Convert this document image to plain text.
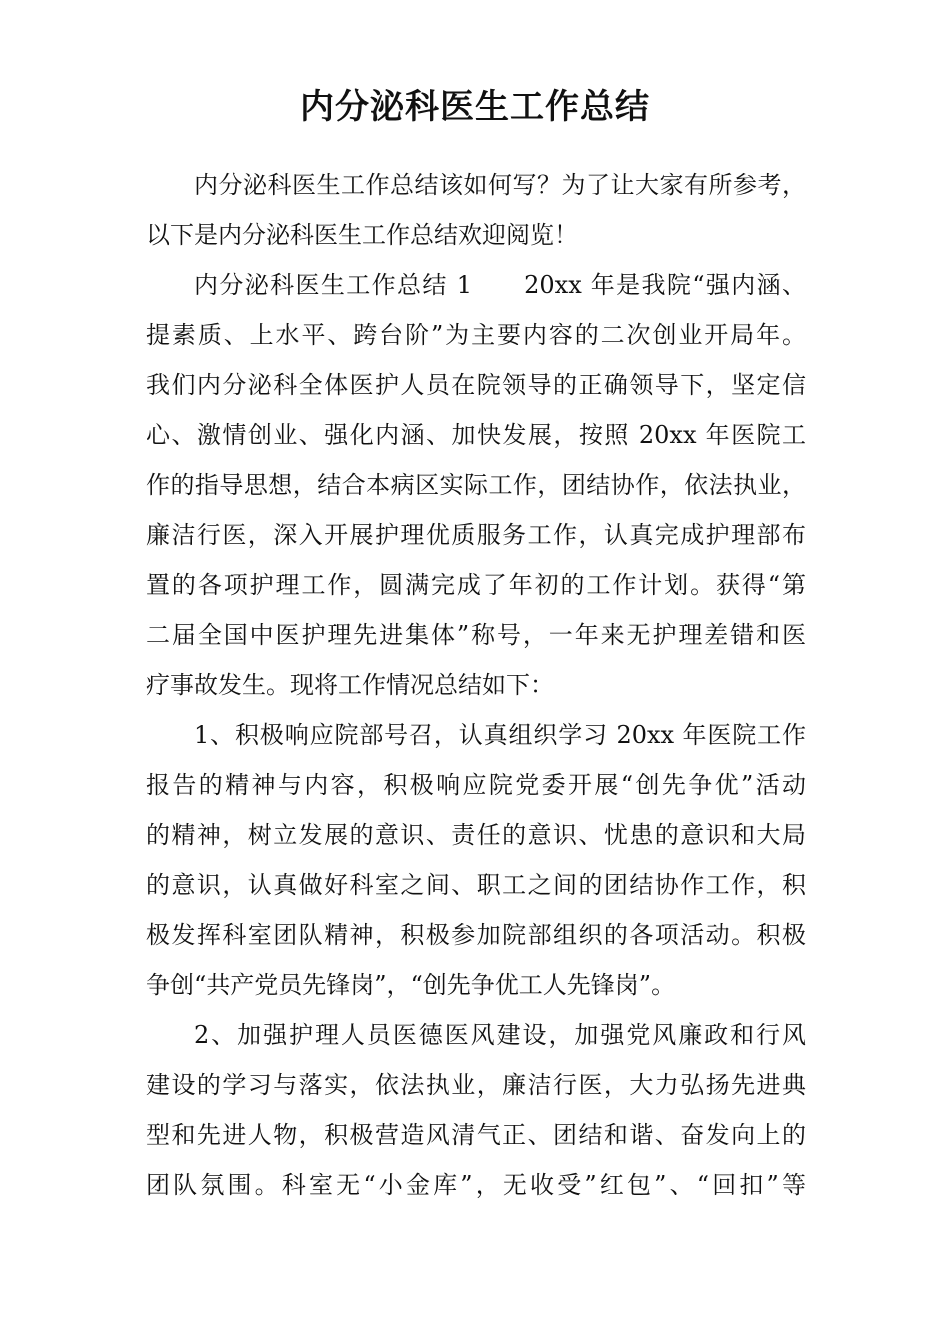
内分泌科医生工作总结
内分泌科医生工作总结该如何写？为了让大家有所参考，
以下是内分泌科医生工作总结欢迎阅览！
内分泌科医生工作总结 1　　20xx 年是我院“强内涵、
提素质、上水平、跨台阶”为主要内容的二次创业开局年。
我们内分泌科全体医护人员在院领导的正确领导下，坚定信
心、激情创业、强化内涵、加快发展，按照 20xx 年医院工
作的指导思想，结合本病区实际工作，团结协作，依法执业，
廉洁行医，深入开展护理优质服务工作，认真完成护理部布
置的各项护理工作，圆满完成了年初的工作计划。获得“第
二届全国中医护理先进集体”称号，一年来无护理差错和医
疗事故发生。现将工作情况总结如下：
1、积极响应院部号召，认真组织学习 20xx 年医院工作
报告的精神与内容，积极响应院党委开展“创先争优”活动
的精神，树立发展的意识、责任的意识、忧患的意识和大局
的意识，认真做好科室之间、职工之间的团结协作工作，积
极发挥科室团队精神，积极参加院部组织的各项活动。积极
争创“共产党员先锋岗”，“创先争优工人先锋岗”。
2、加强护理人员医德医风建设，加强党风廉政和行风
建设的学习与落实，依法执业，廉洁行医，大力弘扬先进典
型和先进人物，积极营造风清气正、团结和谐、奋发向上的
团队氛围。科室无“小金库”，无收受”红包”、“回扣”等
